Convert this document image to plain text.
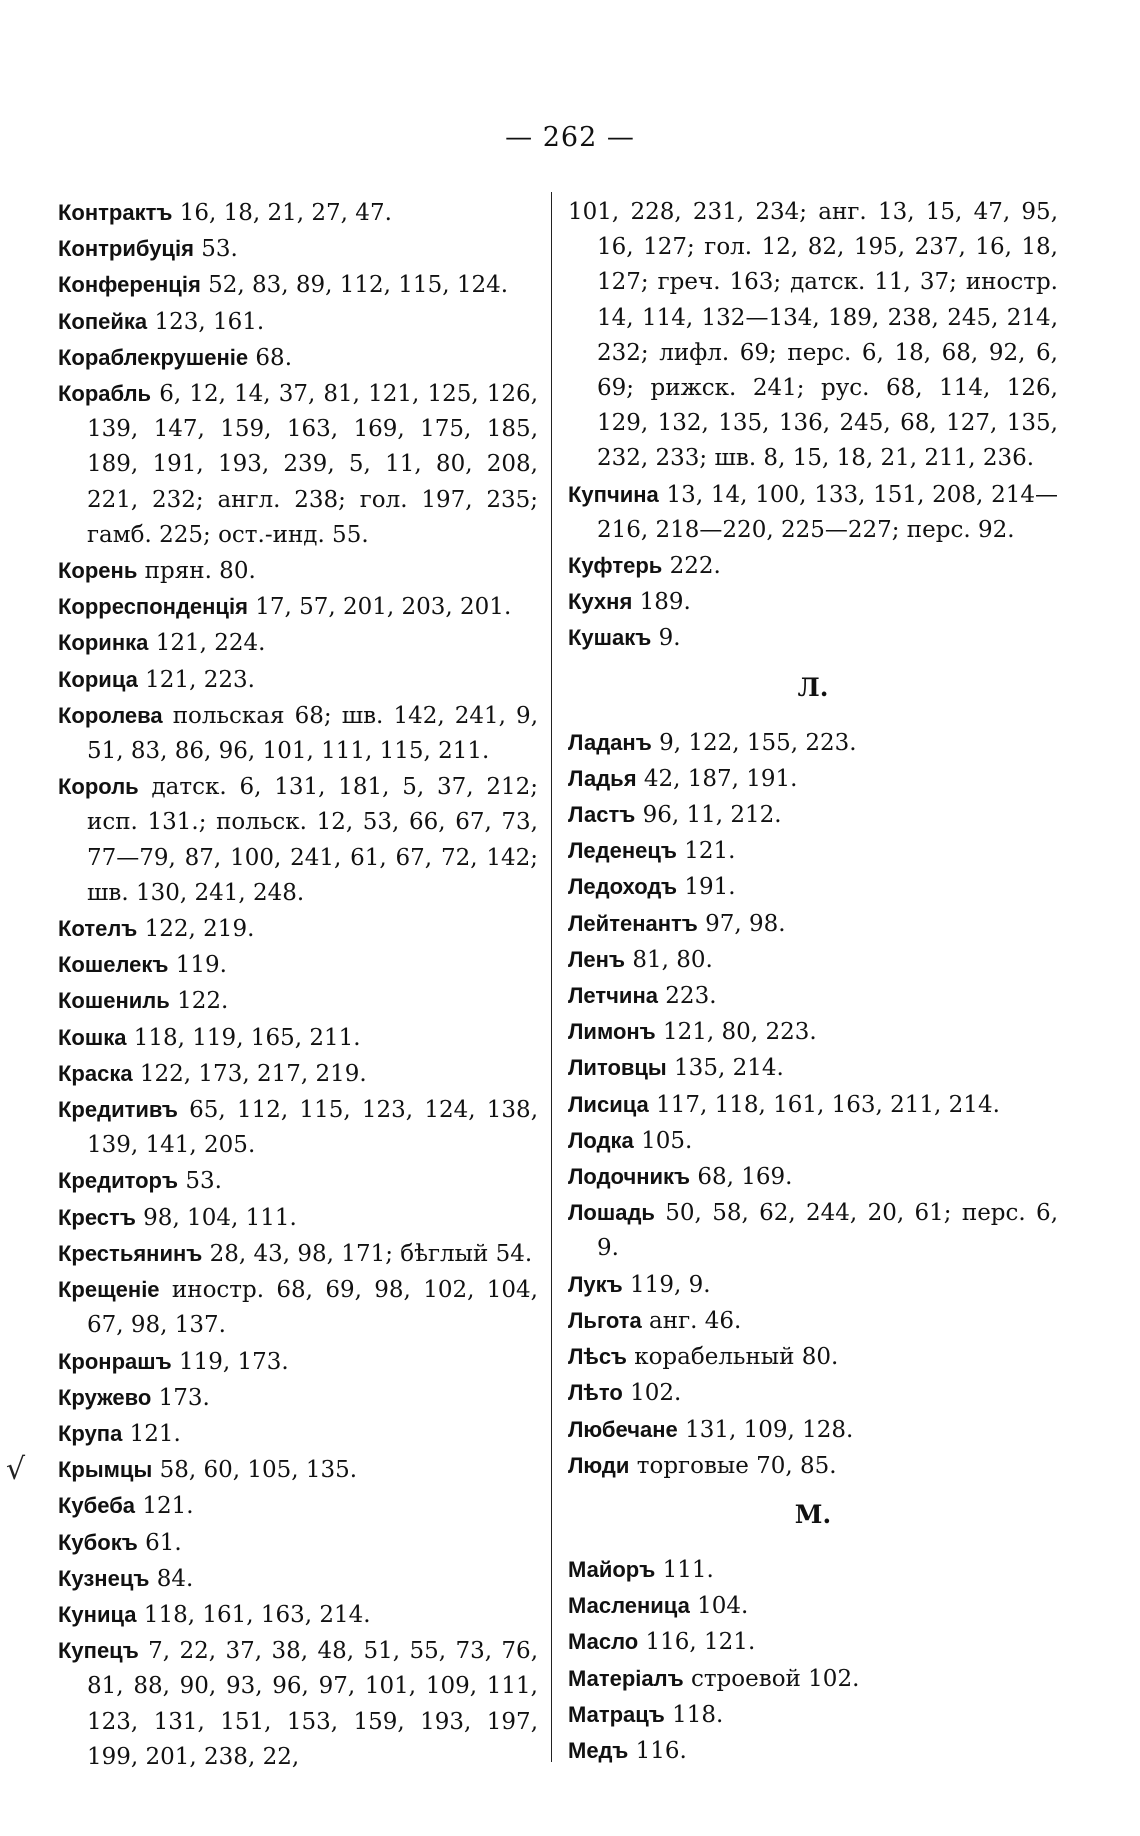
— 262 —
√
Контрактъ 16, 18, 21, 27, 47.
Контрибуція 53.
Конференція 52, 83, 89, 112, 115, 124.
Копейка 123, 161.
Кораблекрушеніе 68.
Корабль 6, 12, 14, 37, 81, 121, 125, 126, 139, 147, 159, 163, 169, 175, 185, 189, 191, 193, 239, 5, 11, 80, 208, 221, 232; англ. 238; гол. 197, 235; гамб. 225; ост.-инд. 55.
Корень прян. 80.
Корреспонденція 17, 57, 201, 203, 201.
Коринка 121, 224.
Корица 121, 223.
Королева польская 68; шв. 142, 241, 9, 51, 83, 86, 96, 101, 111, 115, 211.
Король датск. 6, 131, 181, 5, 37, 212; исп. 131.; польск. 12, 53, 66, 67, 73, 77—79, 87, 100, 241, 61, 67, 72, 142; шв. 130, 241, 248.
Котелъ 122, 219.
Кошелекъ 119.
Кошениль 122.
Кошка 118, 119, 165, 211.
Краска 122, 173, 217, 219.
Кредитивъ 65, 112, 115, 123, 124, 138, 139, 141, 205.
Кредиторъ 53.
Крестъ 98, 104, 111.
Крестьянинъ 28, 43, 98, 171; бѣглый 54.
Крещеніе иностр. 68, 69, 98, 102, 104, 67, 98, 137.
Кронрашъ 119, 173.
Кружево 173.
Крупа 121.
Крымцы 58, 60, 105, 135.
Кубеба 121.
Кубокъ 61.
Кузнецъ 84.
Куница 118, 161, 163, 214.
Купецъ 7, 22, 37, 38, 48, 51, 55, 73, 76, 81, 88, 90, 93, 96, 97, 101, 109, 111, 123, 131, 151, 153, 159, 193, 197, 199, 201, 238, 22,
101, 228, 231, 234; анг. 13, 15, 47, 95, 16, 127; гол. 12, 82, 195, 237, 16, 18, 127; греч. 163; датск. 11, 37; иностр. 14, 114, 132—134, 189, 238, 245, 214, 232; лифл. 69; перс. 6, 18, 68, 92, 6, 69; рижск. 241; рус. 68, 114, 126, 129, 132, 135, 136, 245, 68, 127, 135, 232, 233; шв. 8, 15, 18, 21, 211, 236.
Купчина 13, 14, 100, 133, 151, 208, 214—216, 218—220, 225—227; перс. 92.
Куфтерь 222.
Кухня 189.
Кушакъ 9.
Л.
Ладанъ 9, 122, 155, 223.
Ладья 42, 187, 191.
Ластъ 96, 11, 212.
Леденецъ 121.
Ледоходъ 191.
Лейтенантъ 97, 98.
Ленъ 81, 80.
Летчина 223.
Лимонъ 121, 80, 223.
Литовцы 135, 214.
Лисица 117, 118, 161, 163, 211, 214.
Лодка 105.
Лодочникъ 68, 169.
Лошадь 50, 58, 62, 244, 20, 61; перс. 6, 9.
Лукъ 119, 9.
Льгота анг. 46.
Лѣсъ корабельный 80.
Лѣто 102.
Любечане 131, 109, 128.
Люди торговые 70, 85.
М.
Майоръ 111.
Масленица 104.
Масло 116, 121.
Матеріалъ строевой 102.
Матрацъ 118.
Медъ 116.
